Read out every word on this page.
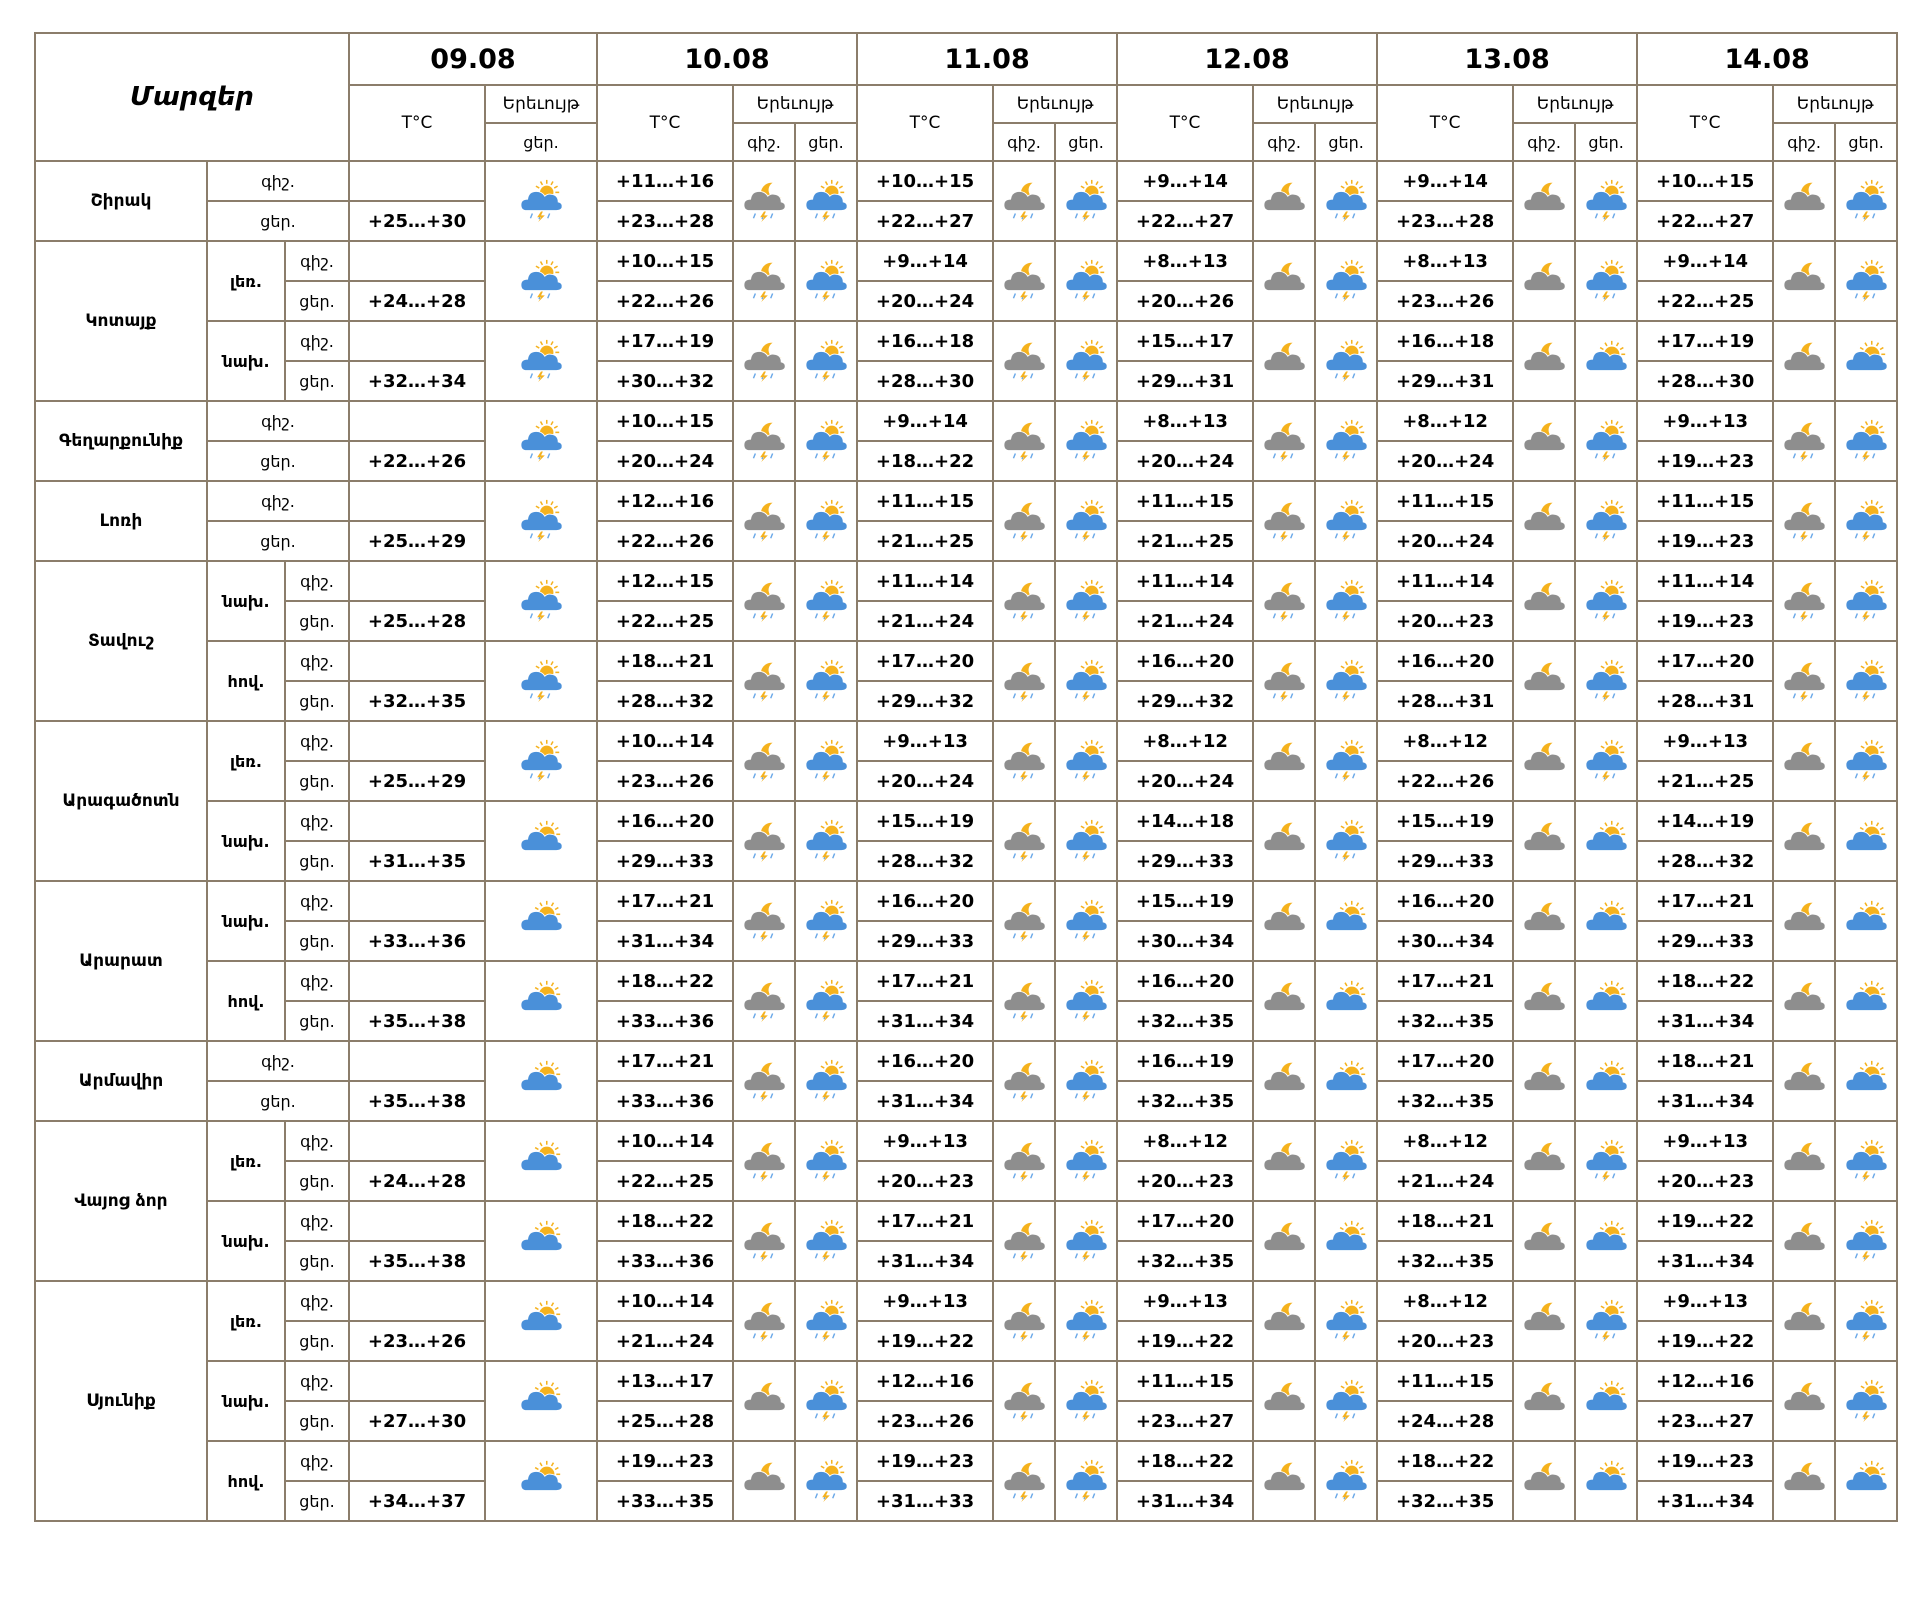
Մարզեր			09.08		10.08			11.08			12.08			13.08			14.08		
			T°C	Երեւույթ	T°C	Երեւույթ		T°C	Երեւույթ		T°C	Երեւույթ		T°C	Երեւույթ		T°C	Երեւույթ	
				ցեր.		գիշ.	ցեր.		գիշ.	ցեր.		գիշ.	ցեր.		գիշ.	ցեր.		գիշ.	ցեր.
Շիրակ	գիշ.				+11…+16			+10…+15			+9…+14			+9…+14			+10…+15	

	ցեր.		+25…+30		+23…+28			+22…+27			+22…+27			+23…+28			+22…+27		
Կոտայք	լեռ.	գիշ.			+10…+15			+9…+14			+8…+13			+8…+13			+9…+14	

		ցեր.	+24…+28		+22…+26			+20…+24			+20…+26			+23…+26			+22…+25		
	նախ.	գիշ.			+17…+19			+16…+18			+15…+17			+16…+18			+17…+19	

		ցեր.	+32…+34		+30…+32			+28…+30			+29…+31			+29…+31			+28…+30		
Գեղարքունիք	գիշ.				+10…+15			+9…+14			+8…+13			+8…+12			+9…+13	

	ցեր.		+22…+26		+20…+24			+18…+22			+20…+24			+20…+24			+19…+23		
Լոռի	գիշ.				+12…+16			+11…+15			+11…+15			+11…+15			+11…+15	

	ցեր.		+25…+29		+22…+26			+21…+25			+21…+25			+20…+24			+19…+23		
Տավուշ	նախ.	գիշ.			+12…+15			+11…+14			+11…+14			+11…+14			+11…+14	

		ցեր.	+25…+28		+22…+25			+21…+24			+21…+24			+20…+23			+19…+23		
	հով.	գիշ.			+18…+21			+17…+20			+16…+20			+16…+20			+17…+20	

		ցեր.	+32…+35		+28…+32			+29…+32			+29…+32			+28…+31			+28…+31		
Արագածոտն	լեռ.	գիշ.			+10…+14			+9…+13			+8…+12			+8…+12			+9…+13	

		ցեր.	+25…+29		+23…+26			+20…+24			+20…+24			+22…+26			+21…+25		
	նախ.	գիշ.			+16…+20			+15…+19			+14…+18			+15…+19			+14…+19	

		ցեր.	+31…+35		+29…+33			+28…+32			+29…+33			+29…+33			+28…+32		
Արարատ	նախ.	գիշ.			+17…+21			+16…+20			+15…+19			+16…+20			+17…+21	

		ցեր.	+33…+36		+31…+34			+29…+33			+30…+34			+30…+34			+29…+33		
	հով.	գիշ.			+18…+22			+17…+21			+16…+20			+17…+21			+18…+22	

		ցեր.	+35…+38		+33…+36			+31…+34			+32…+35			+32…+35			+31…+34		
Արմավիր	գիշ.				+17…+21			+16…+20			+16…+19			+17…+20			+18…+21	

	ցեր.		+35…+38		+33…+36			+31…+34			+32…+35			+32…+35			+31…+34		
Վայոց ձոր	լեռ.	գիշ.			+10…+14			+9…+13			+8…+12			+8…+12			+9…+13	

		ցեր.	+24…+28		+22…+25			+20…+23			+20…+23			+21…+24			+20…+23		
	նախ.	գիշ.			+18…+22			+17…+21			+17…+20			+18…+21			+19…+22	

		ցեր.	+35…+38		+33…+36			+31…+34			+32…+35			+32…+35			+31…+34		
Սյունիք	լեռ.	գիշ.			+10…+14			+9…+13			+9…+13			+8…+12			+9…+13	

		ցեր.	+23…+26		+21…+24			+19…+22			+19…+22			+20…+23			+19…+22		
	նախ.	գիշ.			+13…+17			+12…+16			+11…+15			+11…+15			+12…+16	

		ցեր.	+27…+30		+25…+28			+23…+26			+23…+27			+24…+28			+23…+27		
	հով.	գիշ.			+19…+23			+19…+23			+18…+22			+18…+22			+19…+23	

		ցեր.	+34…+37		+33…+35			+31…+33			+31…+34			+32…+35			+31…+34		
